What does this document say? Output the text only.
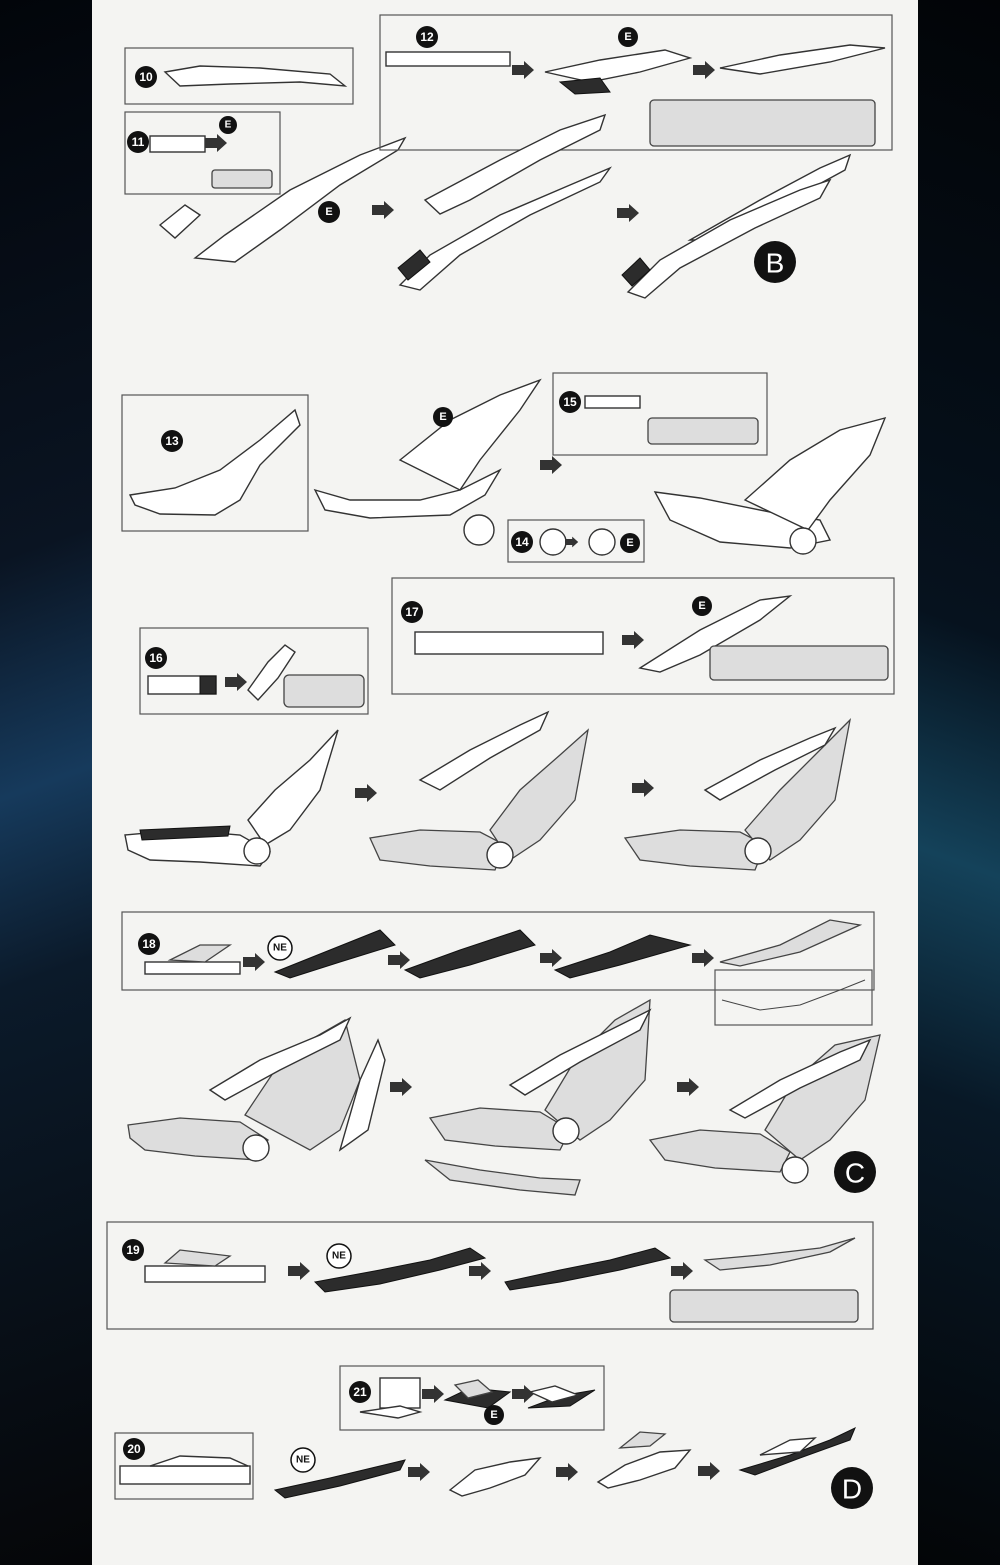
10
11
12
E
E
E
B
13
14
15
E
E
16
17	E
18	NE
C
19	NE
21
20
NE
E
D
